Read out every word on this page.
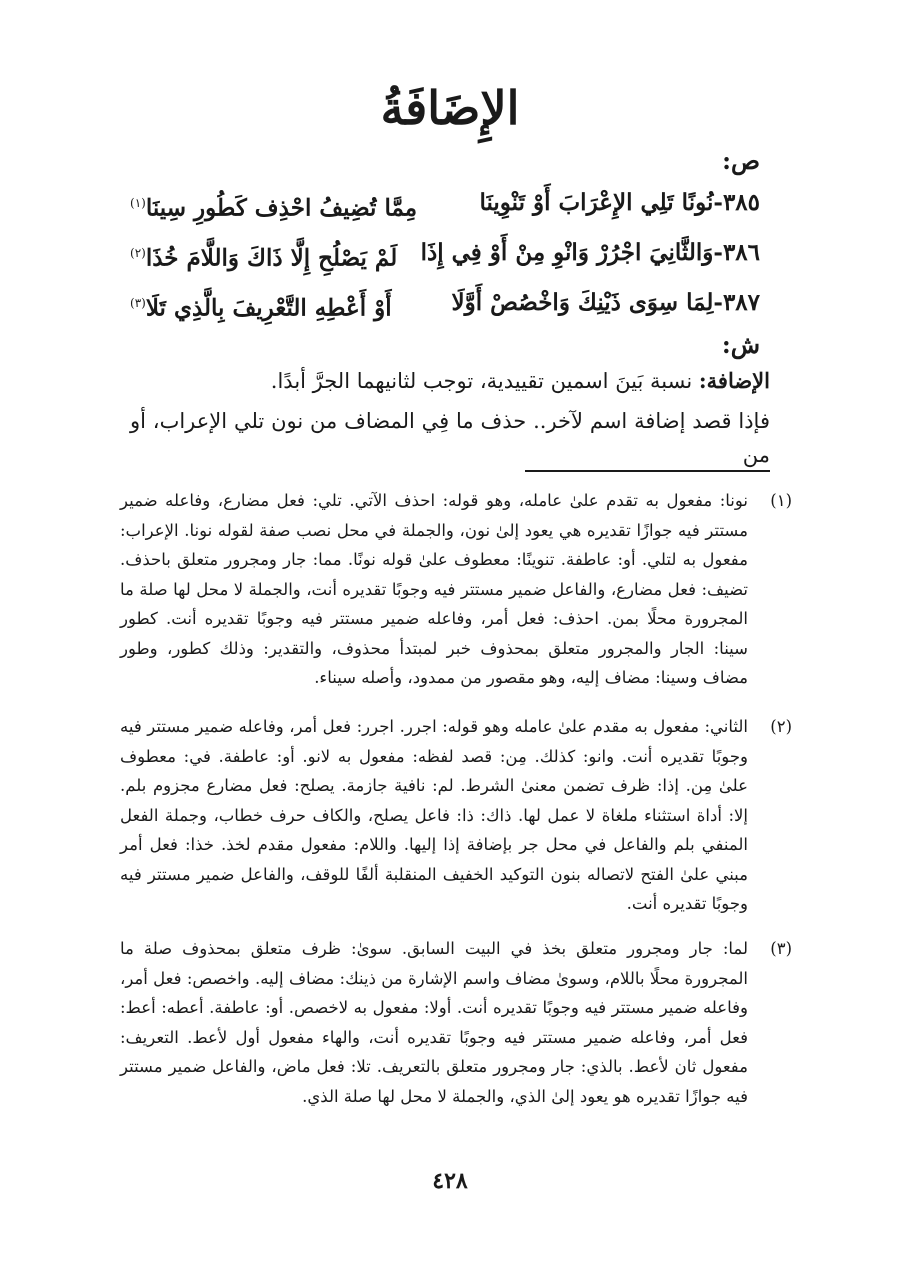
الإِضَافَةُ
ص:
٣٨٥-نُونًا تَلِي الإِعْرَابَ أَوْ تَنْوِينَا
مِمَّا تُضِيفُ احْذِف كَطُورِ سِينَا$^{(١)}$
٣٨٦-وَالثَّانِيَ اجْرُرْ وَانْوِ مِنْ أَوْ فِي إِذَا
لَمْ يَصْلُحِ إِلَّا ذَاكَ وَاللَّامَ خُذَا$^{(٢)}$
٣٨٧-لِمَا سِوَى ذَيْنِكَ وَاخْصُصْ أَوَّلَا
أَوْ أَعْطِهِ التَّعْرِيفَ بِالَّذِي تَلَا$^{(٣)}$
ش:
الإضافة: نسبة بَينَ اسمين تقييدية، توجب لثانيهما الجرَّ أبدًا.
فإذا قصد إضافة اسم لآخر.. حذف ما فِي المضاف من نون تلي الإعراب، أو من
(١)
نونا: مفعول به تقدم علىٰ عامله، وهو قوله: احذف الآتي. تلي: فعل مضارع، وفاعله ضمير مستتر فيه جوازًا تقديره هي يعود إلىٰ نون، والجملة في محل نصب صفة لقوله نونا. الإعراب: مفعول به لتلي. أو: عاطفة. تنوينًا: معطوف علىٰ قوله نونًا. مما: جار ومجرور متعلق باحذف. تضيف: فعل مضارع، والفاعل ضمير مستتر فيه وجوبًا تقديره أنت، والجملة لا محل لها صلة ما المجرورة محلًا بمن. احذف: فعل أمر، وفاعله ضمير مستتر فيه وجوبًا تقديره أنت. كطور سينا: الجار والمجرور متعلق بمحذوف خبر لمبتدأ محذوف، والتقدير: وذلك كطور، وطور مضاف وسينا: مضاف إليه، وهو مقصور من ممدود، وأصله سيناء.
(٢)
الثاني: مفعول به مقدم علىٰ عامله وهو قوله: اجرر. اجرر: فعل أمر، وفاعله ضمير مستتر فيه وجوبًا تقديره أنت. وانو: كذلك. مِن: قصد لفظه: مفعول به لانو. أو: عاطفة. في: معطوف علىٰ مِن. إذا: ظرف تضمن معنىٰ الشرط. لم: نافية جازمة. يصلح: فعل مضارع مجزوم بلم. إلا: أداة استثناء ملغاة لا عمل لها. ذاك: ذا: فاعل يصلح، والكاف حرف خطاب، وجملة الفعل المنفي بلم والفاعل في محل جر بإضافة إذا إليها. واللام: مفعول مقدم لخذ. خذا: فعل أمر مبني علىٰ الفتح لاتصاله بنون التوكيد الخفيف المنقلبة ألفًا للوقف، والفاعل ضمير مستتر فيه وجوبًا تقديره أنت.
(٣)
لما: جار ومجرور متعلق بخذ في البيت السابق. سوىٰ: ظرف متعلق بمحذوف صلة ما المجرورة محلًا باللام، وسوىٰ مضاف واسم الإشارة من ذينك: مضاف إليه. واخصص: فعل أمر، وفاعله ضمير مستتر فيه وجوبًا تقديره أنت. أولا: مفعول به لاخصص. أو: عاطفة. أعطه: أعط: فعل أمر، وفاعله ضمير مستتر فيه وجوبًا تقديره أنت، والهاء مفعول أول لأعط. التعريف: مفعول ثان لأعط. بالذي: جار ومجرور متعلق بالتعريف. تلا: فعل ماض، والفاعل ضمير مستتر فيه جوازًا تقديره هو يعود إلىٰ الذي، والجملة لا محل لها صلة الذي.
٤٢٨
